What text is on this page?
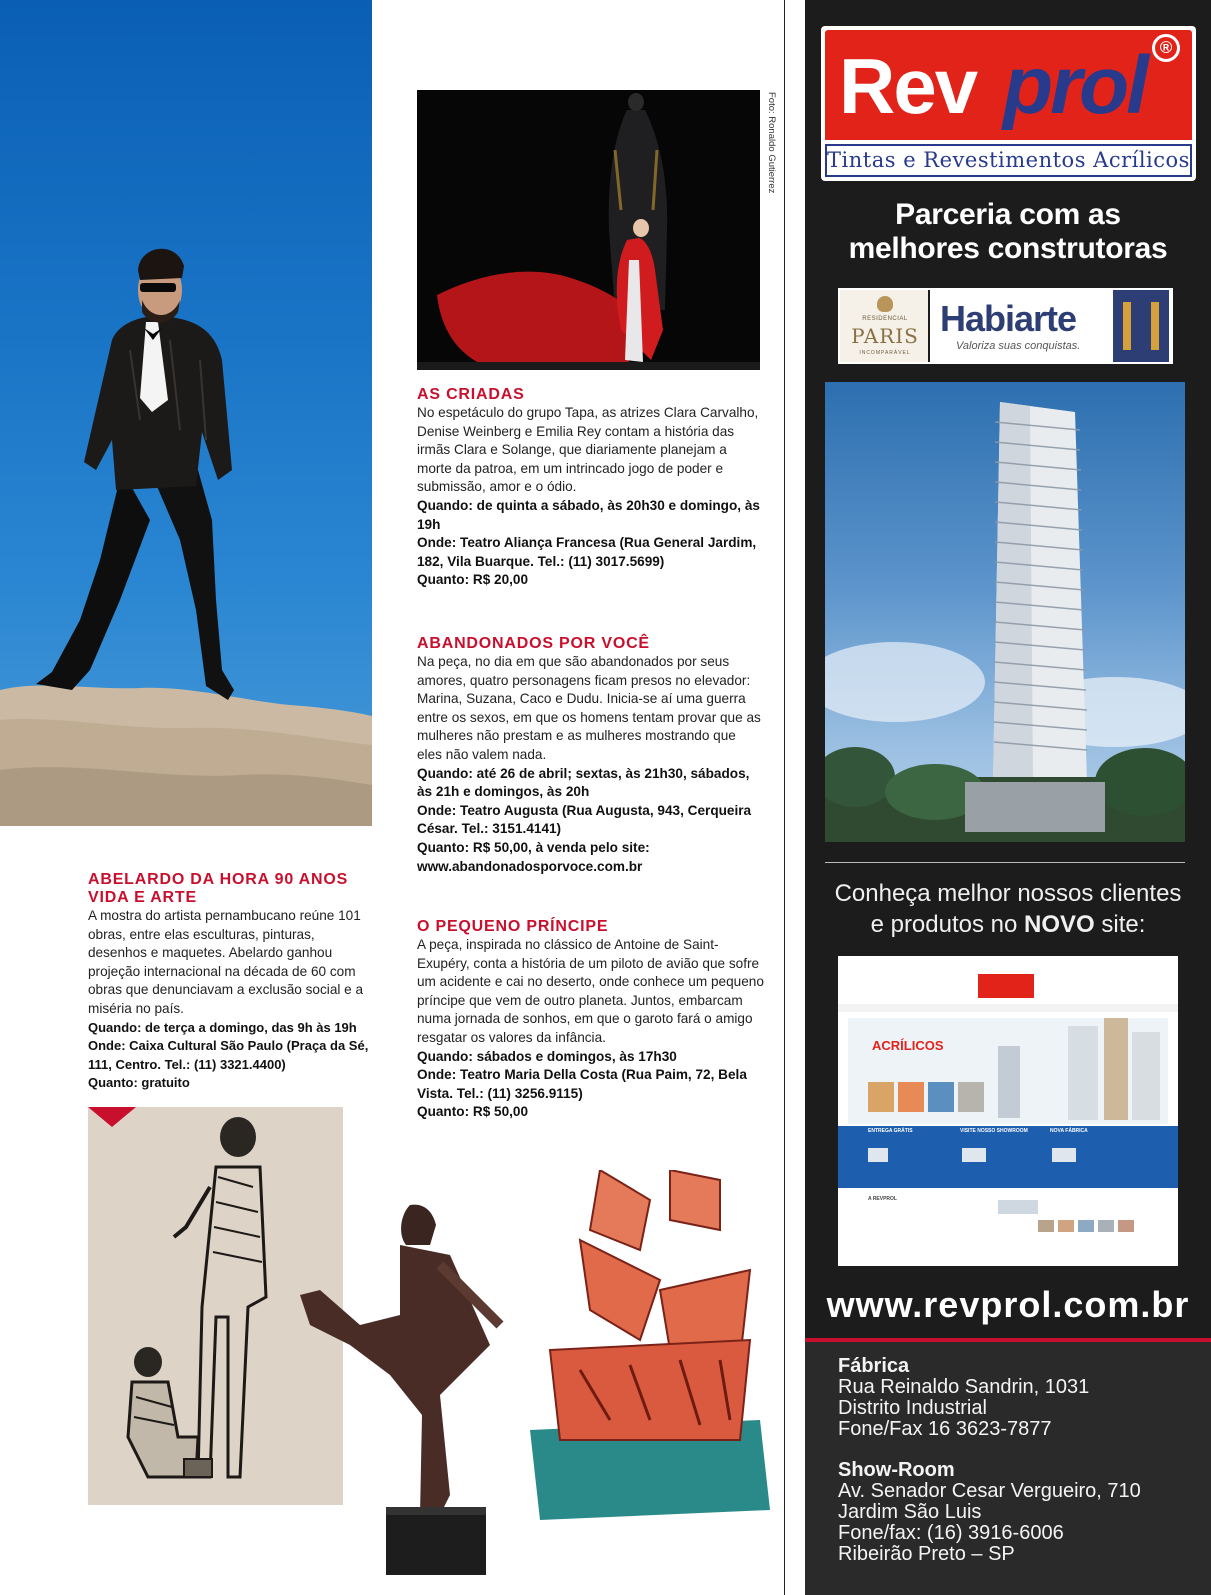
Foto: Ronaldo Gutierrez
AS CRIADAS

No espetáculo do grupo Tapa, as atrizes Clara Carvalho, Denise Weinberg e Emilia Rey contam a história das irmãs Clara e Solange, que diariamente planejam a morte da patroa, em um intrincado jogo de poder e submissão, amor e o ódio.

Quando: de quinta a sábado, às 20h30 e domingo, às 19h

Onde: Teatro Aliança Francesa (Rua General Jardim, 182, Vila Buarque. Tel.: (11) 3017.5699)

Quanto: R$ 20,00

ABANDONADOS POR VOCÊ

Na peça, no dia em que são abandonados por seus amores, quatro personagens ficam presos no elevador: Marina, Suzana, Caco e Dudu. Inicia-se aí uma guerra entre os sexos, em que os homens tentam provar que as mulheres não prestam e as mulheres mostrando que eles não valem nada.

Quando: até 26 de abril; sextas, às 21h30, sábados, às 21h e domingos, às 20h

Onde: Teatro Augusta (Rua Augusta, 943, Cerqueira César. Tel.: 3151.4141)

Quanto: R$ 50,00, à venda pelo site: www.abandonadosporvoce.com.br

O PEQUENO PRÍNCIPE

A peça, inspirada no clássico de Antoine de Saint-Exupéry, conta a história de um piloto de avião que sofre um acidente e cai no deserto, onde conhece um pequeno príncipe que vem de outro planeta. Juntos, embarcam numa jornada de sonhos, em que o garoto fará o amigo resgatar os valores da infância.

Quando: sábados e domingos, às 17h30

Onde: Teatro Maria Della Costa (Rua Paim, 72, Bela Vista. Tel.: (11) 3256.9115)

Quanto: R$ 50,00

ABELARDO DA HORA 90 ANOS VIDA E ARTE

A mostra do artista pernambucano reúne 101 obras, entre elas esculturas, pinturas, desenhos e maquetes. Abelardo ganhou projeção internacional na década de 60 com obras que denunciavam a exclusão social e a miséria no país.

Quando: de terça a domingo, das 9h às 19h

Onde: Caixa Cultural São Paulo (Praça da Sé, 111, Centro. Tel.: (11) 3321.4400)

Quanto: gratuito

Rev prol ®
Tintas e Revestimentos Acrílicos
Parceria com as
melhores construtoras
RESIDENCIAL
PARIS
INCOMPARÁVEL
Habiarte
Valoriza suas conquistas.
Conheça melhor nossos clientes
e produtos no NOVO site:
ACRÍLICOS
ENTREGA GRÁTIS	VISITE NOSSO SHOWROOM	NOVA FÁBRICA
A REVPROL
www.revprol.com.br
Fábrica
Rua Reinaldo Sandrin, 1031
Distrito Industrial
Fone/Fax 16 3623-7877
Show-Room
Av. Senador Cesar Vergueiro, 710
Jardim São Luis
Fone/fax: (16) 3916-6006
Ribeirão Preto – SP
